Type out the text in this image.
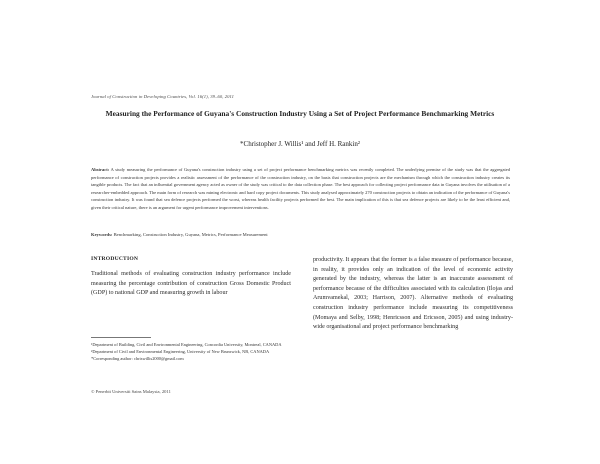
Journal of Construction in Developing Countries, Vol. 16(1), 39–60, 2011
Measuring the Performance of Guyana's Construction Industry Using a Set of Project Performance Benchmarking Metrics
*Christopher J. Willis¹ and Jeff H. Rankin²
Abstract: A study measuring the performance of Guyana's construction industry using a set of project performance benchmarking metrics was recently completed. The underlying premise of the study was that the aggregated performance of construction projects provides a realistic assessment of the performance of the construction industry, on the basis that construction projects are the mechanism through which the construction industry creates its tangible products. The fact that an influential government agency acted as owner of the study was critical to the data collection phase. The best approach for collecting project performance data in Guyana involves the utilisation of a researcher-embedded approach. The main form of research was mining electronic and hard copy project documents. This study analysed approximately 270 construction projects to obtain an indication of the performance of Guyana's construction industry. It was found that sea defence projects performed the worst, whereas health facility projects performed the best. The main implication of this is that sea defence projects are likely to be the least efficient and, given their critical nature, there is an argument for urgent performance improvement interventions.
Keywords: Benchmarking, Construction Industry, Guyana, Metrics, Performance Measurement
INTRODUCTION

Traditional methods of evaluating construction industry performance include measuring the percentage contribution of construction Gross Domestic Product (GDP) to national GDP and measuring growth in labour

productivity. It appears that the former is a false measure of performance because, in reality, it provides only an indication of the level of economic activity generated by the industry, whereas the latter is an inaccurate assessment of performance because of the difficulties associated with its calculation (Ilojas and Arumvamekal, 2003; Harrison, 2007). Alternative methods of evaluating construction industry performance include measuring its competitiveness (Momaya and Selby, 1998; Henricsson and Ericsson, 2005) and using industry-wide organisational and project performance benchmarking

¹Department of Building, Civil and Environmental Engineering, Concordia University, Montreal, CANADA
²Department of Civil and Environmental Engineering, University of New Brunswick, NB, CANADA
*Corresponding author: chriswillis2000@gmail.com
© Penerbit Universiti Sains Malaysia, 2011
